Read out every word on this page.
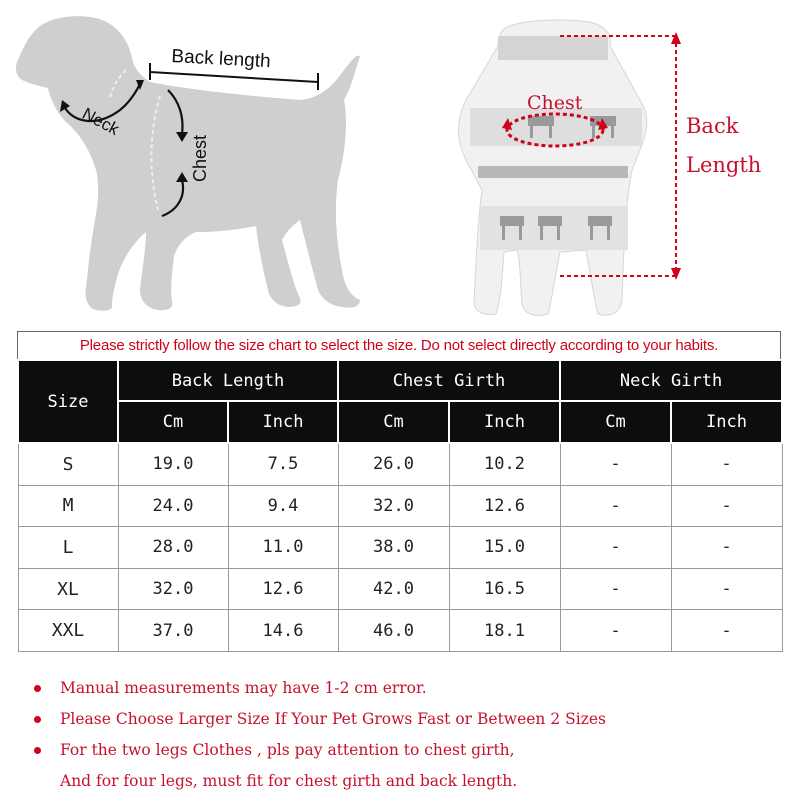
Back length
Neck
Chest
Chest
Back
Length
Please strictly follow the size chart to select the size. Do not select directly according to your habits.
Size	Back Length		Chest Girth		Neck Girth	
	Cm	Inch	Cm	Inch	Cm	Inch
S	19.0	7.5	26.0	10.2	-	-
M	24.0	9.4	32.0	12.6	-	-
L	28.0	11.0	38.0	15.0	-	-
XL	32.0	12.6	42.0	16.5	-	-
XXL	37.0	14.6	46.0	18.1	-	-
Manual measurements may have 1-2 cm error.
Please Choose Larger Size If Your Pet Grows Fast or Between 2 Sizes
For the two legs Clothes , pls pay attention to chest girth,
And for four legs, must fit for chest girth and back length.
